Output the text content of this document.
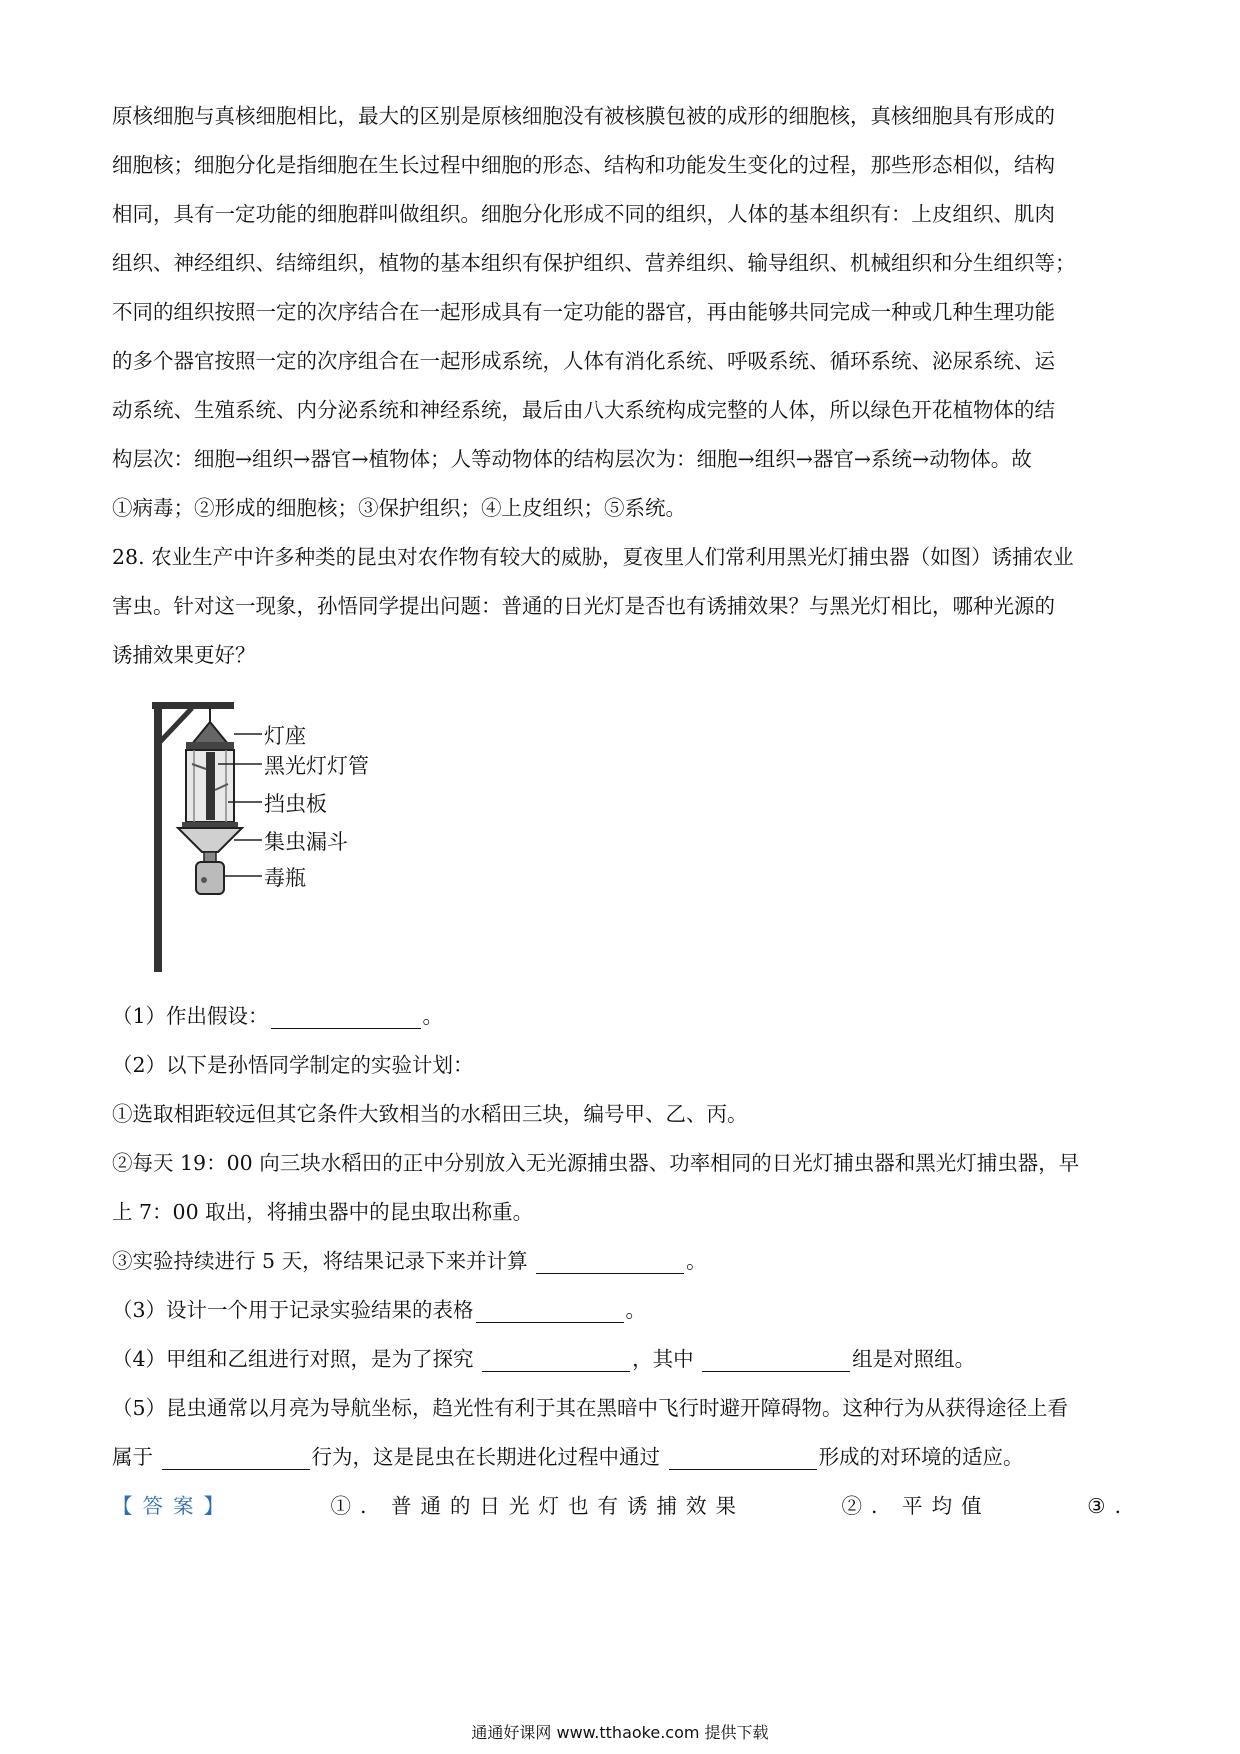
原核细胞与真核细胞相比，最大的区别是原核细胞没有被核膜包被的成形的细胞核，真核细胞具有形成的
细胞核；细胞分化是指细胞在生长过程中细胞的形态、结构和功能发生变化的过程，那些形态相似，结构
相同，具有一定功能的细胞群叫做组织。细胞分化形成不同的组织，人体的基本组织有：上皮组织、肌肉
组织、神经组织、结缔组织，植物的基本组织有保护组织、营养组织、输导组织、机械组织和分生组织等；
不同的组织按照一定的次序结合在一起形成具有一定功能的器官，再由能够共同完成一种或几种生理功能
的多个器官按照一定的次序组合在一起形成系统，人体有消化系统、呼吸系统、循环系统、泌尿系统、运
动系统、生殖系统、内分泌系统和神经系统，最后由八大系统构成完整的人体，所以绿色开花植物体的结
构层次：细胞→组织→器官→植物体；人等动物体的结构层次为：细胞→组织→器官→系统→动物体。故
①病毒；②形成的细胞核；③保护组织；④上皮组织；⑤系统。
28. 农业生产中许多种类的昆虫对农作物有较大的威胁，夏夜里人们常利用黑光灯捕虫器（如图）诱捕农业
害虫。针对这一现象，孙悟同学提出问题：普通的日光灯是否也有诱捕效果？与黑光灯相比，哪种光源的
诱捕效果更好？
灯座
黑光灯灯管
挡虫板
集虫漏斗
毒瓶

（1）作出假设：	。

（2）以下是孙悟同学制定的实验计划：

①选取相距较远但其它条件大致相当的水稻田三块，编号甲、乙、丙。

②每天 19：00 向三块水稻田的正中分别放入无光源捕虫器、功率相同的日光灯捕虫器和黑光灯捕虫器，早

上 7：00 取出，将捕虫器中的昆虫取出称重。

③实验持续进行 5 天，将结果记录下来并计算	。

（3）设计一个用于记录实验结果的表格	。

（4）甲组和乙组进行对照，是为了探究	，其中	组是对照组。

（5）昆虫通常以月亮为导航坐标，趋光性有利于其在黑暗中飞行时避开障碍物。这种行为从获得途径上看

属于	行为，这是昆虫在长期进化过程中通过	形成的对环境的适应。

【答案】	①. 普通的日光灯也有诱捕效果	②. 平均值	③.
通通好课网 www.tthaoke.com 提供下载
